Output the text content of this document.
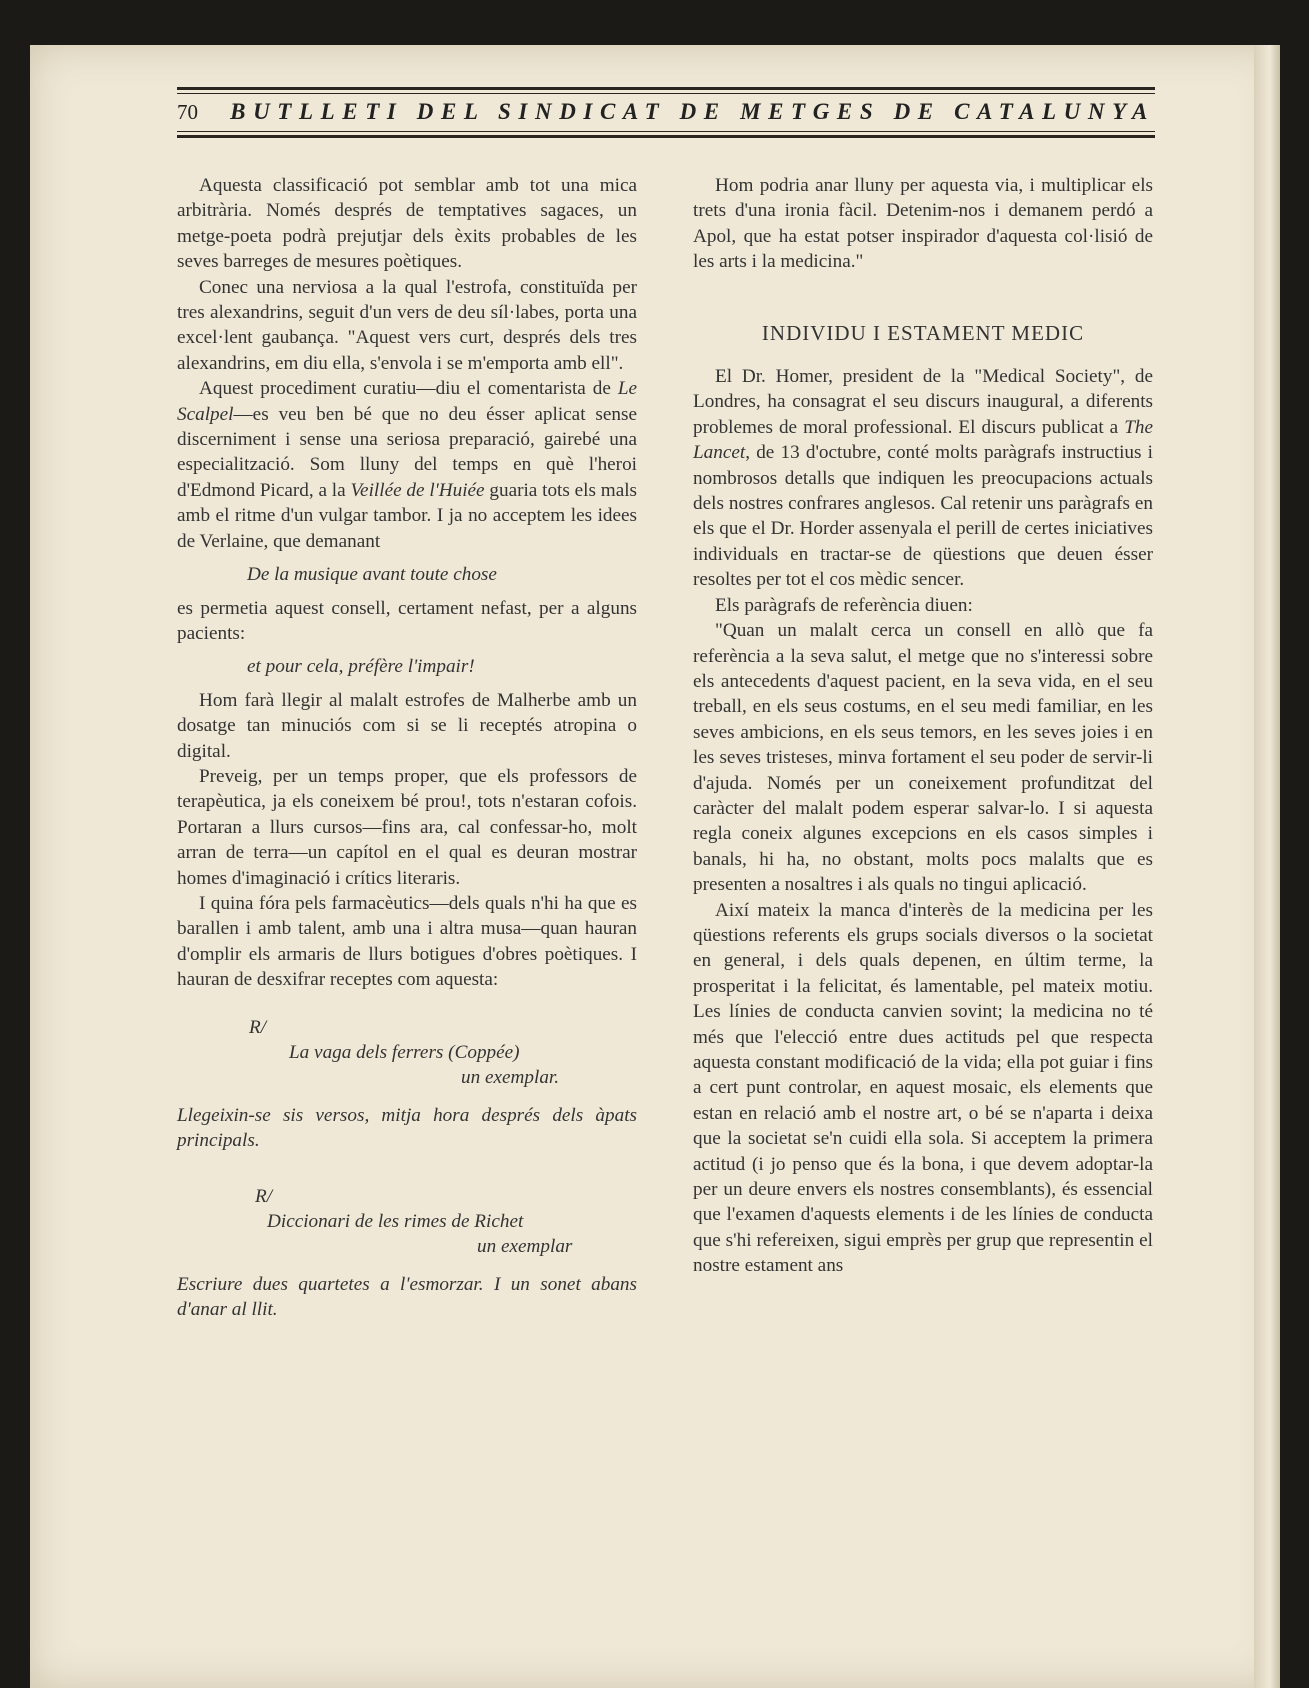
70	BUTLLETI DEL SINDICAT DE METGES DE CATALUNYA

Aquesta classificació pot semblar amb tot una mica arbitrària. Només després de temptatives sagaces, un metge-poeta podrà prejutjar dels èxits probables de les seves barreges de mesures poètiques.

Conec una nerviosa a la qual l'estrofa, constituïda per tres alexandrins, seguit d'un vers de deu síl·labes, porta una excel·lent gaubança. "Aquest vers curt, després dels tres alexandrins, em diu ella, s'envola i se m'emporta amb ell".

Aquest procediment curatiu—diu el comentarista de Le Scalpel—es veu ben bé que no deu ésser aplicat sense discerniment i sense una seriosa preparació, gairebé una especialització. Som lluny del temps en què l'heroi d'Edmond Picard, a la Veillée de l'Huiée guaria tots els mals amb el ritme d'un vulgar tambor. I ja no acceptem les idees de Verlaine, que demanant

De la musique avant toute chose

es permetia aquest consell, certament nefast, per a alguns pacients:

et pour cela, préfère l'impair!

Hom farà llegir al malalt estrofes de Malherbe amb un dosatge tan minuciós com si se li receptés atropina o digital.

Preveig, per un temps proper, que els professors de terapèutica, ja els coneixem bé prou!, tots n'estaran cofois. Portaran a llurs cursos—fins ara, cal confessar-ho, molt arran de terra—un capítol en el qual es deuran mostrar homes d'imaginació i crítics literaris.

I quina fóra pels farmacèutics—dels quals n'hi ha que es barallen i amb talent, amb una i altra musa—quan hauran d'omplir els armaris de llurs botigues d'obres poètiques. I hauran de desxifrar receptes com aquesta:

R/
La vaga dels ferrers (Coppée)
un exemplar.

Llegeixin-se sis versos, mitja hora després dels àpats principals.

R/
Diccionari de les rimes de Richet
un exemplar

Escriure dues quartetes a l'esmorzar. I un sonet abans d'anar al llit.

Hom podria anar lluny per aquesta via, i multiplicar els trets d'una ironia fàcil. Detenim-nos i demanem perdó a Apol, que ha estat potser inspirador d'aquesta col·lisió de les arts i la medicina."

INDIVIDU I ESTAMENT MEDIC

El Dr. Homer, president de la "Medical Society", de Londres, ha consagrat el seu discurs inaugural, a diferents problemes de moral professional. El discurs publicat a The Lancet, de 13 d'octubre, conté molts paràgrafs instructius i nombrosos detalls que indiquen les preocupacions actuals dels nostres confrares anglesos. Cal retenir uns paràgrafs en els que el Dr. Horder assenyala el perill de certes iniciatives individuals en tractar-se de qüestions que deuen ésser resoltes per tot el cos mèdic sencer.

Els paràgrafs de referència diuen:

"Quan un malalt cerca un consell en allò que fa referència a la seva salut, el metge que no s'interessi sobre els antecedents d'aquest pacient, en la seva vida, en el seu treball, en els seus costums, en el seu medi familiar, en les seves ambicions, en els seus temors, en les seves joies i en les seves tristeses, minva fortament el seu poder de servir-li d'ajuda. Només per un coneixement profunditzat del caràcter del malalt podem esperar salvar-lo. I si aquesta regla coneix algunes excepcions en els casos simples i banals, hi ha, no obstant, molts pocs malalts que es presenten a nosaltres i als quals no tingui aplicació.

Així mateix la manca d'interès de la medicina per les qüestions referents els grups socials diversos o la societat en general, i dels quals depenen, en últim terme, la prosperitat i la felicitat, és lamentable, pel mateix motiu. Les línies de conducta canvien sovint; la medicina no té més que l'elecció entre dues actituds pel que respecta aquesta constant modificació de la vida; ella pot guiar i fins a cert punt controlar, en aquest mosaic, els elements que estan en relació amb el nostre art, o bé se n'aparta i deixa que la societat se'n cuidi ella sola. Si acceptem la primera actitud (i jo penso que és la bona, i que devem adoptar-la per un deure envers els nostres consemblants), és essencial que l'examen d'aquests elements i de les línies de conducta que s'hi refereixen, sigui emprès per grup que representin el nostre estament ans
